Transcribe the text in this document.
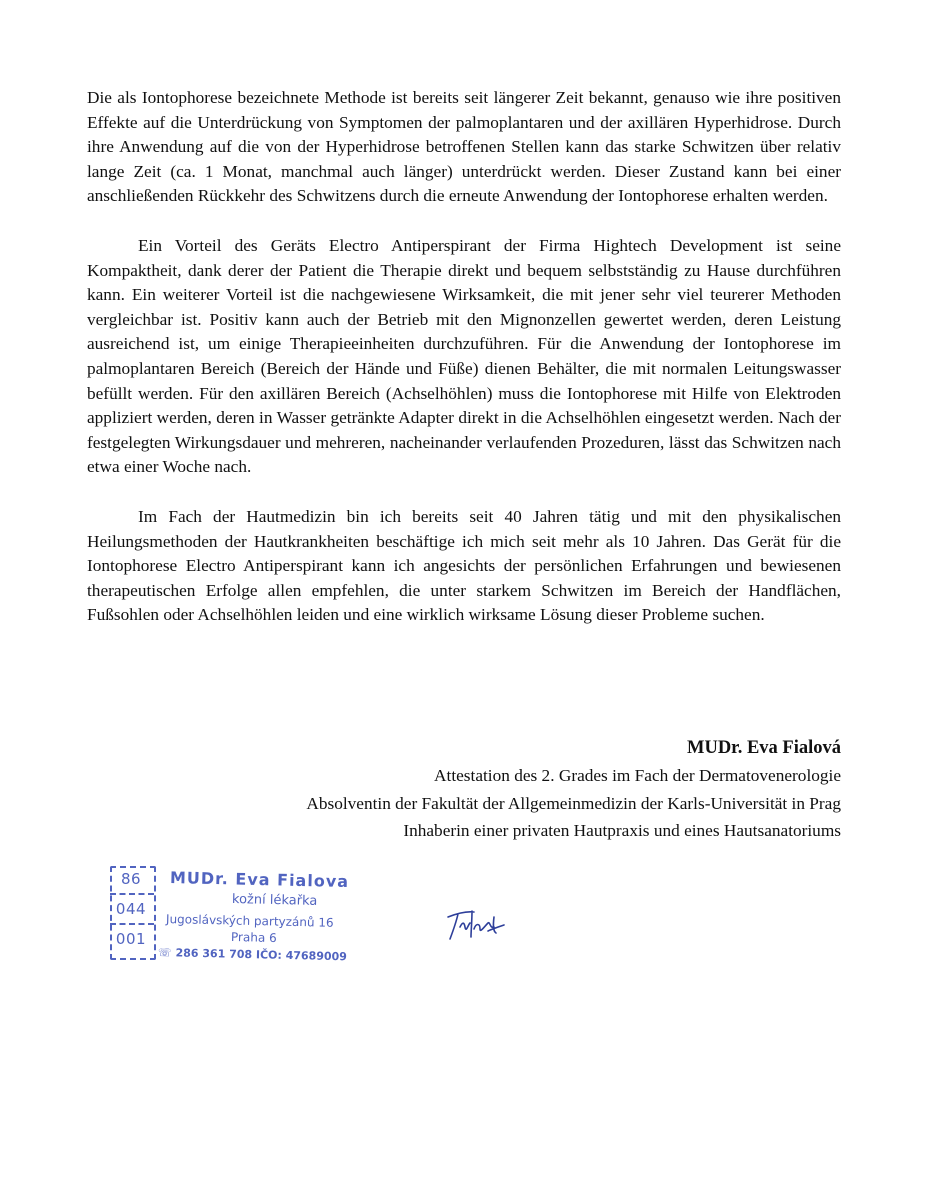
Die als Iontophorese bezeichnete Methode ist bereits seit längerer Zeit bekannt, genauso wie ihre positiven Effekte auf die Unterdrückung von Symptomen der palmoplantaren und der axillären Hyperhidrose. Durch ihre Anwendung auf die von der Hyperhidrose betroffenen Stellen kann das starke Schwitzen über relativ lange Zeit (ca. 1 Monat, manchmal auch länger) unterdrückt werden. Dieser Zustand kann bei einer anschließenden Rückkehr des Schwitzens durch die erneute Anwendung der Iontophorese erhalten werden.

Ein Vorteil des Geräts Electro Antiperspirant der Firma Hightech Development ist seine Kompaktheit, dank derer der Patient die Therapie direkt und bequem selbstständig zu Hause durchführen kann. Ein weiterer Vorteil ist die nachgewiesene Wirksamkeit, die mit jener sehr viel teurerer Methoden vergleichbar ist. Positiv kann auch der Betrieb mit den Mignonzellen gewertet werden, deren Leistung ausreichend ist, um einige Therapieeinheiten durchzuführen. Für die Anwendung der Iontophorese im palmoplantaren Bereich (Bereich der Hände und Füße) dienen Behälter, die mit normalen Leitungswasser befüllt werden. Für den axillären Bereich (Achselhöhlen) muss die Iontophorese mit Hilfe von Elektroden appliziert werden, deren in Wasser getränkte Adapter direkt in die Achselhöhlen eingesetzt werden. Nach der festgelegten Wirkungsdauer und mehreren, nacheinander verlaufenden Prozeduren, lässt das Schwitzen nach etwa einer Woche nach.

Im Fach der Hautmedizin bin ich bereits seit 40 Jahren tätig und mit den physikalischen Heilungsmethoden der Hautkrankheiten beschäftige ich mich seit mehr als 10 Jahren. Das Gerät für die Iontophorese Electro Antiperspirant kann ich angesichts der persönlichen Erfahrungen und bewiesenen therapeutischen Erfolge allen empfehlen, die unter starkem Schwitzen im Bereich der Handflächen, Fußsohlen oder Achselhöhlen leiden und eine wirklich wirksame Lösung dieser Probleme suchen.

MUDr. Eva Fialová
Attestation des 2. Grades im Fach der Dermatovenerologie
Absolventin der Fakultät der Allgemeinmedizin der Karls-Universität in Prag
Inhaberin einer privaten Hautpraxis und eines Hautsanatoriums
86
044
001
MUDr. Eva Fialova
kožní lékařka
Jugoslávských partyzánů 16
Praha 6
☏ 286 361 708 IČO: 47689009
